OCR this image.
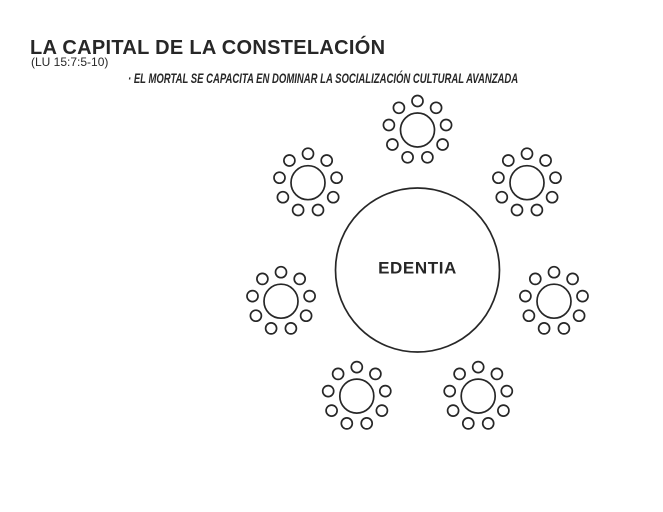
LA CAPITAL DE LA CONSTELACIÓN
(LU 15:7:5-10)
· EL MORTAL SE CAPACITA EN DOMINAR LA SOCIALIZACIÓN CULTURAL AVANZADA
EDENTIA
